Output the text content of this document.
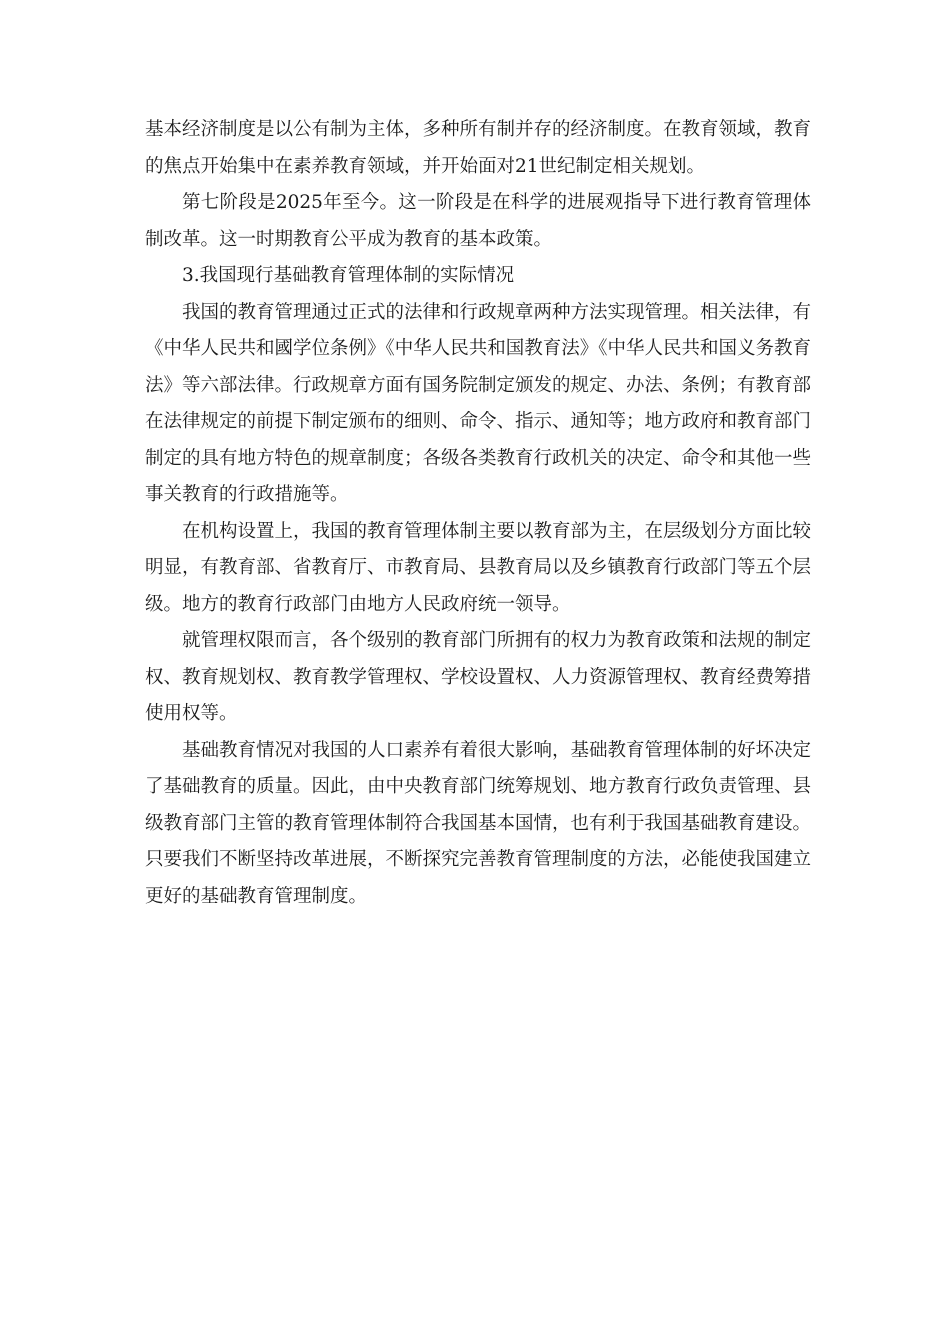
基本经济制度是以公有制为主体，多种所有制并存的经济制度。在教育领域，教育的焦点开始集中在素养教育领域，并开始面对21世纪制定相关规划。

第七阶段是2025年至今。这一阶段是在科学的进展观指导下进行教育管理体制改革。这一时期教育公平成为教育的基本政策。

3.我国现行基础教育管理体制的实际情况

我国的教育管理通过正式的法律和行政规章两种方法实现管理。相关法律，有《中华人民共和國学位条例》《中华人民共和国教育法》《中华人民共和国义务教育法》等六部法律。行政规章方面有国务院制定颁发的规定、办法、条例；有教育部在法律规定的前提下制定颁布的细则、命令、指示、通知等；地方政府和教育部门制定的具有地方特色的规章制度；各级各类教育行政机关的决定、命令和其他一些事关教育的行政措施等。

在机构设置上，我国的教育管理体制主要以教育部为主，在层级划分方面比较明显，有教育部、省教育厅、市教育局、县教育局以及乡镇教育行政部门等五个层级。地方的教育行政部门由地方人民政府统一领导。

就管理权限而言，各个级别的教育部门所拥有的权力为教育政策和法规的制定权、教育规划权、教育教学管理权、学校设置权、人力资源管理权、教育经费筹措使用权等。

基础教育情况对我国的人口素养有着很大影响，基础教育管理体制的好坏决定了基础教育的质量。因此，由中央教育部门统筹规划、地方教育行政负责管理、县级教育部门主管的教育管理体制符合我国基本国情，也有利于我国基础教育建设。只要我们不断坚持改革进展，不断探究完善教育管理制度的方法，必能使我国建立更好的基础教育管理制度。
